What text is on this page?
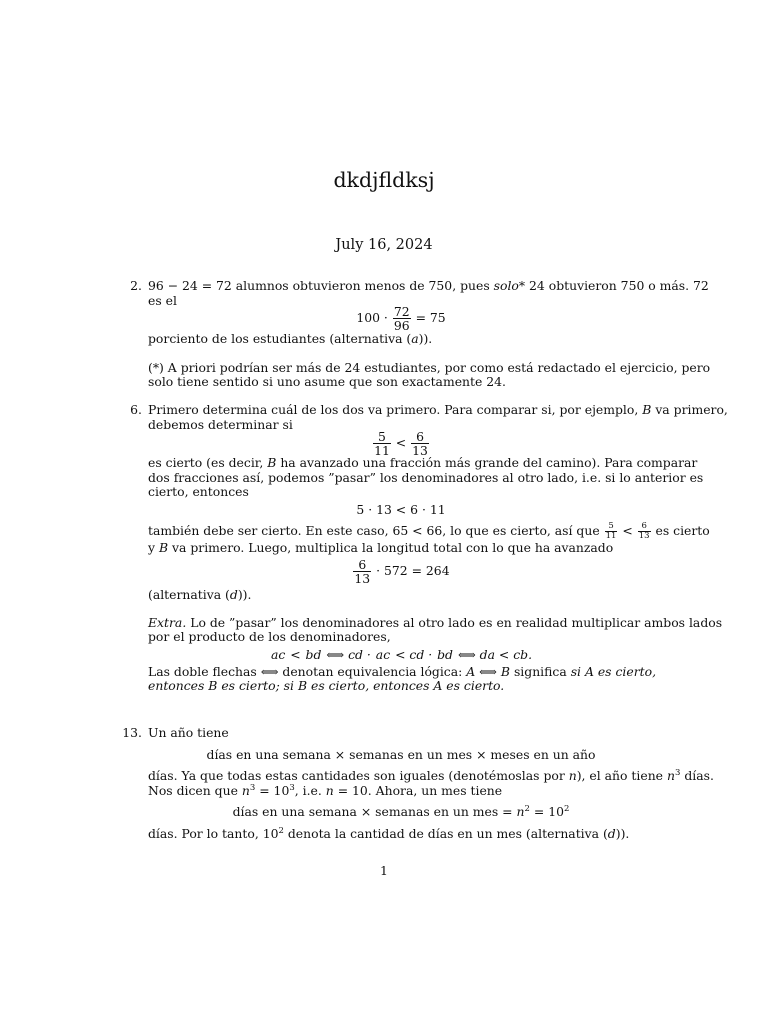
dkdjfldksj
July 16, 2024
2. 96 − 24 = 72 alumnos obtuvieron menos de 750, pues solo* 24 obtuvieron 750 o más. 72
es el
$100 \cdot \frac{72}{96} = 75$
porciento de los estudiantes (alternativa (a)).
(*) A priori podrían ser más de 24 estudiantes, por como está redactado el ejercicio, pero
solo tiene sentido si uno asume que son exactamente 24.
6. Primero determina cuál de los dos va primero. Para comparar si, por ejemplo, B va primero,
debemos determinar si
$\frac{5}{11} < \frac{6}{13}$
es cierto (es decir, B ha avanzado una fracción más grande del camino). Para comparar
dos fracciones así, podemos ”pasar” los denominadores al otro lado, i.e. si lo anterior es
cierto, entonces
5 · 13 < 6 · 11
también debe ser cierto. En este caso, 65 < 66, lo que es cierto, así que $\frac{5}{11} < \frac{6}{13}$ es cierto
y B va primero. Luego, multiplica la longitud total con lo que ha avanzado
$\frac{6}{13} \cdot 572 = 264$
(alternativa (d)).
Extra. Lo de ”pasar” los denominadores al otro lado es en realidad multiplicar ambos lados
por el producto de los denominadores,
ac < bd ⟺ cd · ac < cd · bd ⟺ da < cb.
Las doble flechas ⟺ denotan equivalencia lógica: A ⟺ B significa si A es cierto,
entonces B es cierto; si B es cierto, entonces A es cierto.
13. Un año tiene
días en una semana × semanas en un mes × meses en un año
días. Ya que todas estas cantidades son iguales (denotémoslas por n), el año tiene $n^3$ días.
Nos dicen que $n^3 = 10^3$, i.e. n = 10. Ahora, un mes tiene
días en una semana × semanas en un mes = $n^2 = 10^2$
días. Por lo tanto, $10^2$ denota la cantidad de días en un mes (alternativa (d)).
1
